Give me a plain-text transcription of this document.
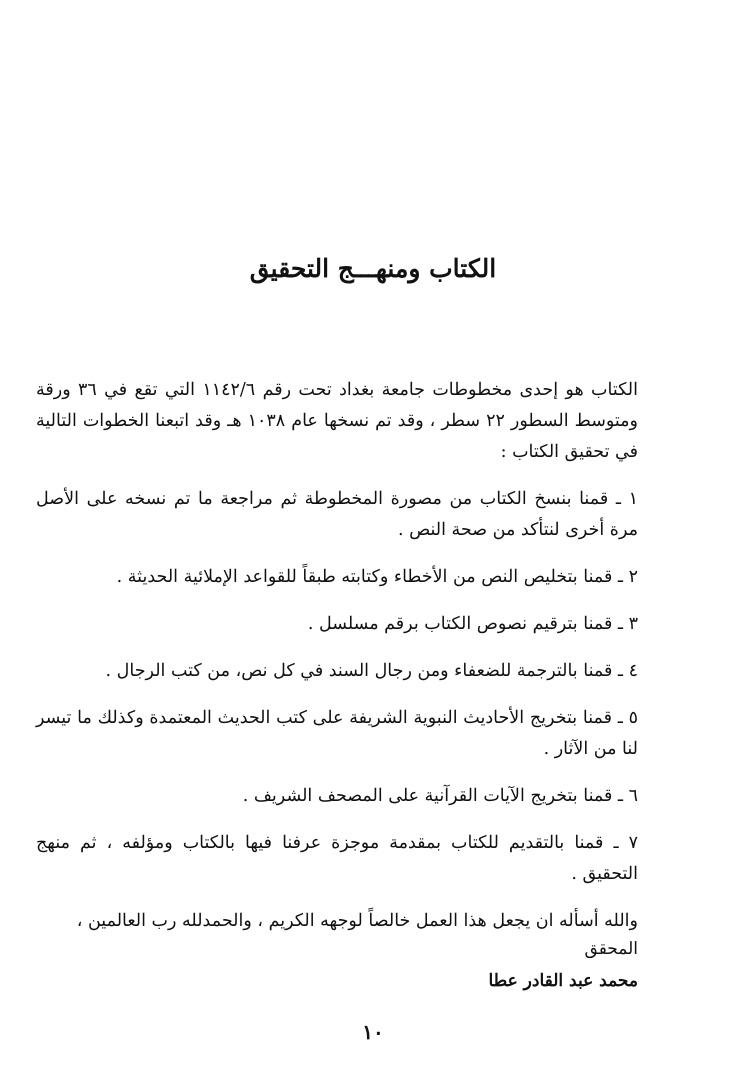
الكتاب ومنهـــج التحقيق

الكتاب هو إحدى مخطوطات جامعة بغداد تحت رقم ١١٤٢/٦ التي تقع في ٣٦ ورقة ومتوسط السطور ٢٢ سطر ، وقد تم نسخها عام ١٠٣٨ هـ وقد اتبعنا الخطوات التالية في تحقيق الكتاب :

١ ـ قمنا بنسخ الكتاب من مصورة المخطوطة ثم مراجعة ما تم نسخه على الأصل مرة أخرى لنتأكد من صحة النص .

٢ ـ قمنا بتخليص النص من الأخطاء وكتابته طبقاً للقواعد الإملائية الحديثة .

٣ ـ قمنا بترقيم نصوص الكتاب برقم مسلسل .

٤ ـ قمنا بالترجمة للضعفاء ومن رجال السند في كل نص، من كتب الرجال .

٥ ـ قمنا بتخريج الأحاديث النبوية الشريفة على كتب الحديث المعتمدة وكذلك ما تيسر لنا من الآثار .

٦ ـ قمنا بتخريج الآيات القرآنية على المصحف الشريف .

٧ ـ قمنا بالتقديم للكتاب بمقدمة موجزة عرفنا فيها بالكتاب ومؤلفه ، ثم منهج التحقيق .

والله أسأله ان يجعل هذا العمل خالصاً لوجهه الكريم ، والحمدلله رب العالمين ،

المحقق
محمد عبد القادر عطا
١٠
